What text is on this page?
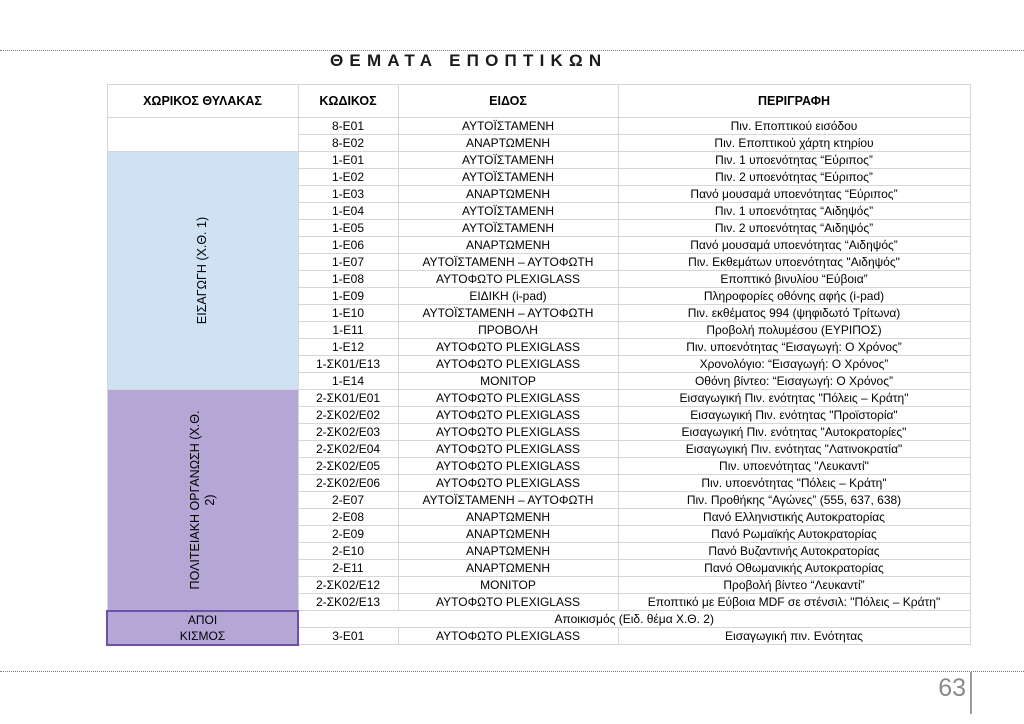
ΘΕΜΑΤΑ ΕΠΟΠΤΙΚΩΝ
ΧΩΡΙΚΟΣ ΘΥΛΑΚΑΣ	ΚΩΔΙΚΟΣ	ΕΙΔΟΣ	ΠΕΡΙΓΡΑΦΗ
	8-E01	ΑΥΤΟΪΣΤΑΜΕΝΗ	Πιν. Εποπτικού εισόδου
	8-E02	ΑΝΑΡΤΩΜΕΝΗ	Πιν. Εποπτικού χάρτη κτηρίου

ΕΙΣΑΓΩΓΗ (Χ.Θ. 1)	1-E01	ΑΥΤΟΪΣΤΑΜΕΝΗ	Πιν. 1 υποενότητας “Εύριπος”
	1-E02	ΑΥΤΟΪΣΤΑΜΕΝΗ	Πιν. 2 υποενότητας “Εύριπος”
	1-E03	ΑΝΑΡΤΩΜΕΝΗ	Πανό μουσαμά υποενότητας “Εύριπος”
	1-E04	ΑΥΤΟΪΣΤΑΜΕΝΗ	Πιν. 1 υποενότητας “Αιδηψός”
	1-E05	ΑΥΤΟΪΣΤΑΜΕΝΗ	Πιν. 2 υποενότητας “Αιδηψός”
	1-E06	ΑΝΑΡΤΩΜΕΝΗ	Πανό μουσαμά υποενότητας “Αιδηψός”
	1-E07	ΑΥΤΟΪΣΤΑΜΕΝΗ – ΑΥΤΟΦΩΤΗ	Πιν. Εκθεμάτων υποενότητας "Αιδηψός"
	1-E08	ΑΥΤΟΦΩΤΟ PLEXIGLASS	Εποπτικό βινυλίου “Εύβοια”
	1-E09	ΕΙΔΙΚΗ (i-pad)	Πληροφορίες οθόνης αφής (i-pad)
	1-E10	ΑΥΤΟΪΣΤΑΜΕΝΗ – ΑΥΤΟΦΩΤΗ	Πιν. εκθέματος 994 (ψηφιδωτό Τρίτωνα)
	1-E11	ΠΡΟΒΟΛΗ	Προβολή πολυμέσου (ΕΥΡΙΠΟΣ)
	1-E12	ΑΥΤΟΦΩΤΟ PLEXIGLASS	Πιν. υποενότητας “Εισαγωγή: Ο Χρόνος”
	1-ΣΚ01/E13	ΑΥΤΟΦΩΤΟ PLEXIGLASS	Χρονολόγιο: “Εισαγωγή: Ο Χρόνος”
	1-E14	ΜΟΝΙΤΟΡ	Οθόνη βίντεο: “Εισαγωγή: Ο Χρόνος”

ΠΟΛΙΤΕΙΑΚΗ ΟΡΓΑΝΩΣΗ (Χ.Θ. 2)	2-ΣΚ01/E01	ΑΥΤΟΦΩΤΟ PLEXIGLASS	Εισαγωγική Πιν. ενότητας "Πόλεις – Κράτη"
	2-ΣΚ02/E02	ΑΥΤΟΦΩΤΟ PLEXIGLASS	Εισαγωγική Πιν. ενότητας "Προϊστορία"
	2-ΣΚ02/E03	ΑΥΤΟΦΩΤΟ PLEXIGLASS	Εισαγωγική Πιν. ενότητας "Αυτοκρατορίες"
	2-ΣΚ02/E04	ΑΥΤΟΦΩΤΟ PLEXIGLASS	Εισαγωγική Πιν. ενότητας "Λατινοκρατία"
	2-ΣΚ02/E05	ΑΥΤΟΦΩΤΟ PLEXIGLASS	Πιν. υποενότητας "Λευκαντί"
	2-ΣΚ02/E06	ΑΥΤΟΦΩΤΟ PLEXIGLASS	Πιν. υποενότητας "Πόλεις – Κράτη"
	2-E07	ΑΥΤΟΪΣΤΑΜΕΝΗ – ΑΥΤΟΦΩΤΗ	Πιν. Προθήκης “Αγώνες” (555, 637, 638)
	2-E08	ΑΝΑΡΤΩΜΕΝΗ	Πανό Ελληνιστικής Αυτοκρατορίας
	2-E09	ΑΝΑΡΤΩΜΕΝΗ	Πανό Ρωμαϊκής Αυτοκρατορίας
	2-E10	ΑΝΑΡΤΩΜΕΝΗ	Πανό Βυζαντινής Αυτοκρατορίας
	2-E11	ΑΝΑΡΤΩΜΕΝΗ	Πανό Οθωμανικής Αυτοκρατορίας
	2-ΣΚ02/E12	ΜΟΝΙΤΟΡ	Προβολή βίντεο “Λευκαντί”
	2-ΣΚ02/E13	ΑΥΤΟΦΩΤΟ PLEXIGLASS	Εποπτικό με Εύβοια MDF σε στένσιλ: "Πόλεις – Κράτη"
ΑΠΟΙ ΚΙΣΜΟΣ	Αποικισμός (Ειδ. θέμα Χ.Θ. 2)		
	3-E01	ΑΥΤΟΦΩΤΟ PLEXIGLASS	Εισαγωγική πιν. Ενότητας
63
